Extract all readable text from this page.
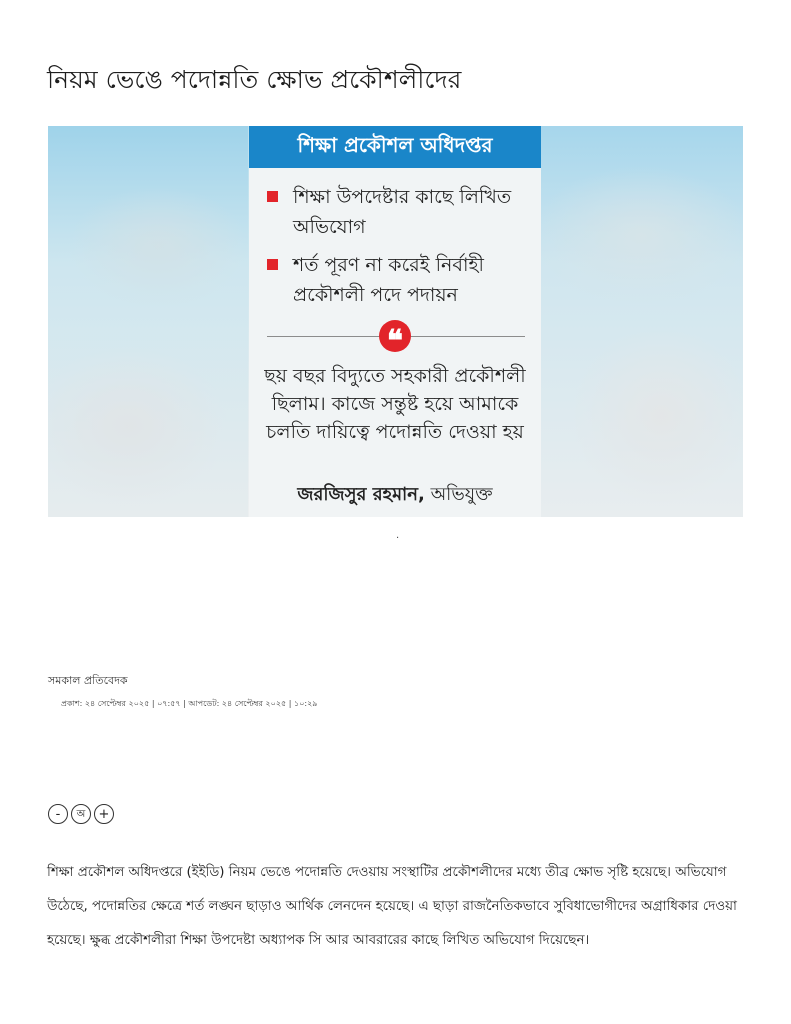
নিয়ম ভেঙে পদোন্নতি ক্ষোভ প্রকৌশলীদের
শিক্ষা প্রকৌশল অধিদপ্তর
শিক্ষা উপদেষ্টার কাছে লিখিত অভিযোগ
শর্ত পূরণ না করেই নির্বাহী প্রকৌশলী পদে পদায়ন
❝
ছয় বছর বিদ্যুতে সহকারী প্রকৌশলী ছিলাম। কাজে সন্তুষ্ট হয়ে আমাকে চলতি দায়িত্বে পদোন্নতি দেওয়া হয়
জরজিসুর রহমান, অভিযুক্ত
.
সমকাল প্রতিবেদক
প্রকাশ: ২৪ সেপ্টেম্বর ২০২৫ | ০৭:৫৭ | আপডেট: ২৪ সেপ্টেম্বর ২০২৫ | ১০:২৯
-	অ	+

শিক্ষা প্রকৌশল অধিদপ্তরে (ইইডি) নিয়ম ভেঙে পদোন্নতি দেওয়ায় সংস্থাটির প্রকৌশলীদের মধ্যে তীব্র ক্ষোভ সৃষ্টি হয়েছে। অভিযোগ উঠেছে, পদোন্নতির ক্ষেত্রে শর্ত লঙ্ঘন ছাড়াও আর্থিক লেনদেন হয়েছে। এ ছাড়া রাজনৈতিকভাবে সুবিধাভোগীদের অগ্রাধিকার দেওয়া হয়েছে। ক্ষুব্ধ প্রকৌশলীরা শিক্ষা উপদেষ্টা অধ্যাপক সি আর আবরারের কাছে লিখিত অভিযোগ দিয়েছেন।
